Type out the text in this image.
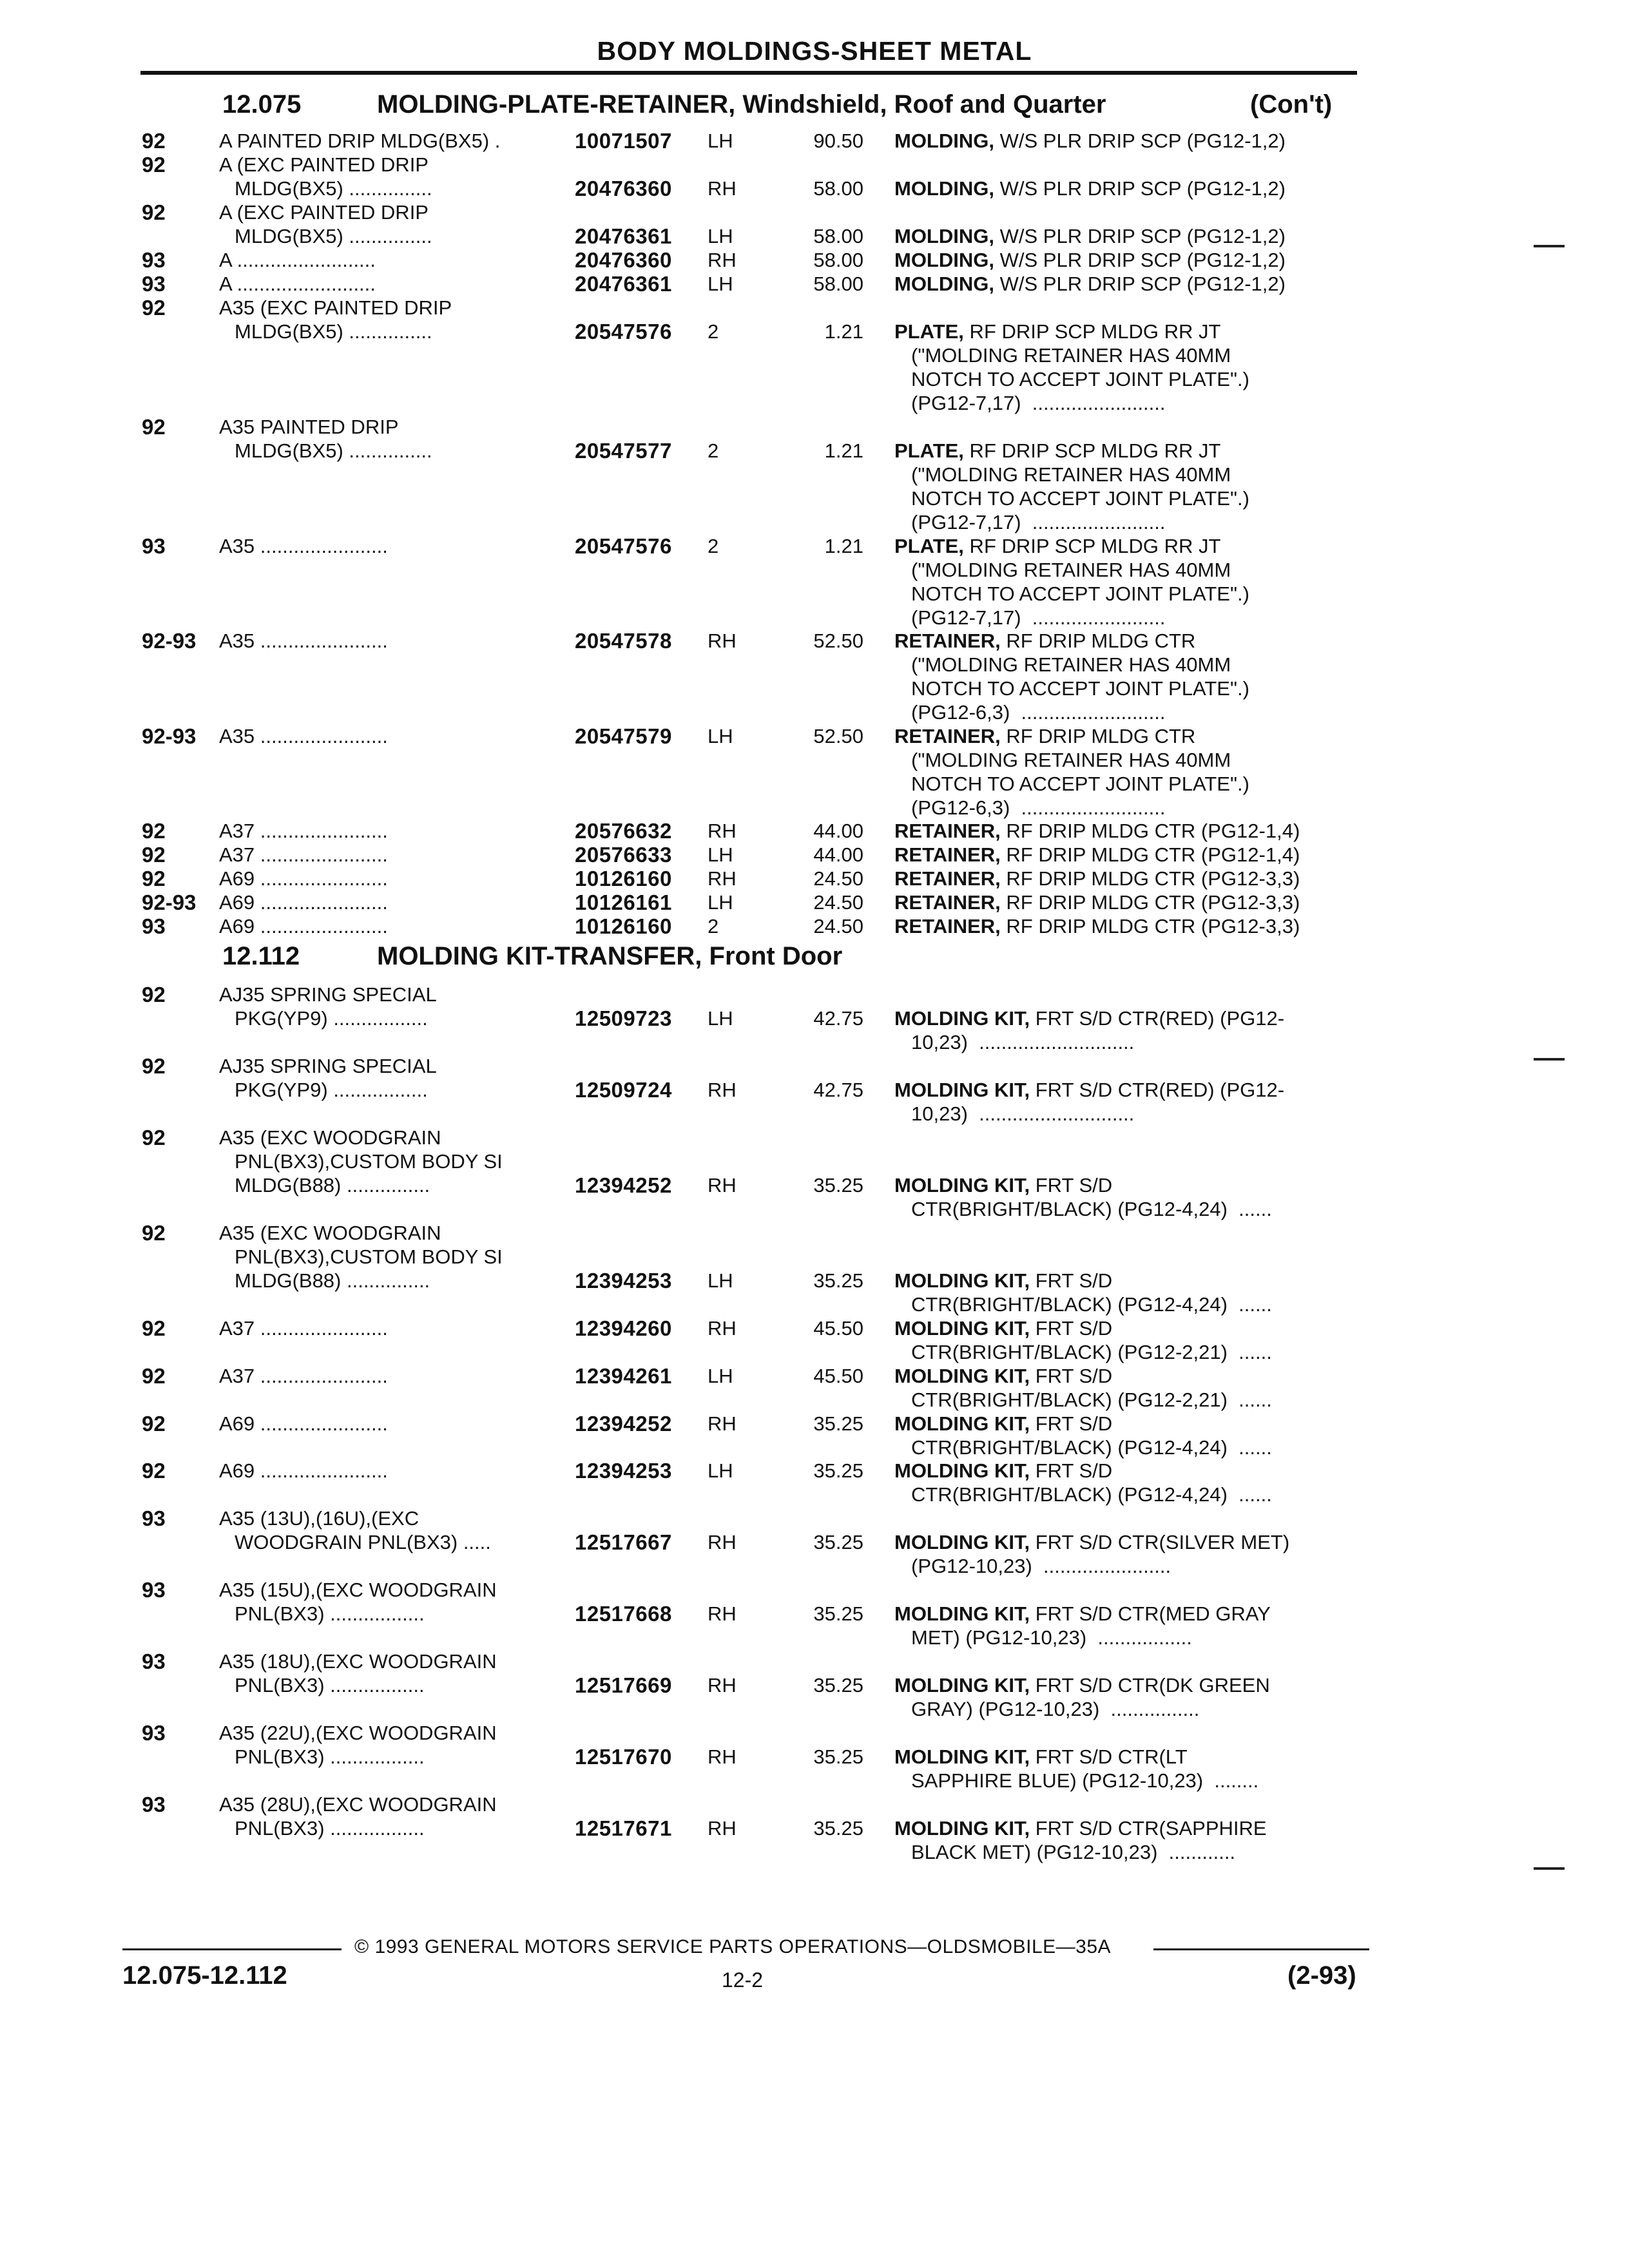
BODY MOLDINGS-SHEET METAL
12.075	MOLDING-PLATE-RETAINER, Windshield, Roof and Quarter	(Con't)
92	A PAINTED DRIP MLDG(BX5) .	10071507 LH	90.50 MOLDING, W/S PLR DRIP SCP (PG12-1,2)
92	A (EXC PAINTED DRIP
MLDG(BX5) ...............	20476360 RH	58.00 MOLDING, W/S PLR DRIP SCP (PG12-1,2)
92	A (EXC PAINTED DRIP
MLDG(BX5) ...............	20476361 LH	58.00 MOLDING, W/S PLR DRIP SCP (PG12-1,2)
93	A .........................	20476360 RH	58.00 MOLDING, W/S PLR DRIP SCP (PG12-1,2)
93	A .........................	20476361 LH	58.00 MOLDING, W/S PLR DRIP SCP (PG12-1,2)
92	A35 (EXC PAINTED DRIP
MLDG(BX5) ...............	20547576 2	1.21 PLATE, RF DRIP SCP MLDG RR JT
("MOLDING RETAINER HAS 40MM
NOTCH TO ACCEPT JOINT PLATE".)
(PG12-7,17)  ........................
92	A35 PAINTED DRIP
MLDG(BX5) ...............	20547577 2	1.21 PLATE, RF DRIP SCP MLDG RR JT
("MOLDING RETAINER HAS 40MM
NOTCH TO ACCEPT JOINT PLATE".)
(PG12-7,17)  ........................
93	A35 .......................	20547576 2	1.21 PLATE, RF DRIP SCP MLDG RR JT
("MOLDING RETAINER HAS 40MM
NOTCH TO ACCEPT JOINT PLATE".)
(PG12-7,17)  ........................
92-93 A35 .......................	20547578 RH	52.50 RETAINER, RF DRIP MLDG CTR
("MOLDING RETAINER HAS 40MM
NOTCH TO ACCEPT JOINT PLATE".)
(PG12-6,3)  ..........................
92-93 A35 .......................	20547579 LH	52.50 RETAINER, RF DRIP MLDG CTR
("MOLDING RETAINER HAS 40MM
NOTCH TO ACCEPT JOINT PLATE".)
(PG12-6,3)  ..........................
92	A37 .......................	20576632 RH	44.00 RETAINER, RF DRIP MLDG CTR (PG12-1,4)
92	A37 .......................	20576633 LH	44.00 RETAINER, RF DRIP MLDG CTR (PG12-1,4)
92	A69 .......................	10126160 RH	24.50 RETAINER, RF DRIP MLDG CTR (PG12-3,3)
92-93 A69 .......................	10126161 LH	24.50 RETAINER, RF DRIP MLDG CTR (PG12-3,3)
93	A69 .......................	10126160 2	24.50 RETAINER, RF DRIP MLDG CTR (PG12-3,3)
12.112	MOLDING KIT-TRANSFER, Front Door
92	AJ35 SPRING SPECIAL
PKG(YP9) .................	12509723 LH	42.75 MOLDING KIT, FRT S/D CTR(RED) (PG12-
10,23)  ............................
92	AJ35 SPRING SPECIAL
PKG(YP9) .................	12509724 RH	42.75 MOLDING KIT, FRT S/D CTR(RED) (PG12-
10,23)  ............................
92	A35 (EXC WOODGRAIN
PNL(BX3),CUSTOM BODY SI
MLDG(B88) ...............	12394252 RH	35.25 MOLDING KIT, FRT S/D
CTR(BRIGHT/BLACK) (PG12-4,24)  ......
92	A35 (EXC WOODGRAIN
PNL(BX3),CUSTOM BODY SI
MLDG(B88) ...............	12394253 LH	35.25 MOLDING KIT, FRT S/D
CTR(BRIGHT/BLACK) (PG12-4,24)  ......
92	A37 .......................	12394260 RH	45.50 MOLDING KIT, FRT S/D
CTR(BRIGHT/BLACK) (PG12-2,21)  ......
92	A37 .......................	12394261 LH	45.50 MOLDING KIT, FRT S/D
CTR(BRIGHT/BLACK) (PG12-2,21)  ......
92	A69 .......................	12394252 RH	35.25 MOLDING KIT, FRT S/D
CTR(BRIGHT/BLACK) (PG12-4,24)  ......
92	A69 .......................	12394253 LH	35.25 MOLDING KIT, FRT S/D
CTR(BRIGHT/BLACK) (PG12-4,24)  ......
93	A35 (13U),(16U),(EXC
WOODGRAIN PNL(BX3) .....	12517667 RH	35.25 MOLDING KIT, FRT S/D CTR(SILVER MET)
(PG12-10,23)  .......................
93	A35 (15U),(EXC WOODGRAIN
PNL(BX3) .................	12517668 RH	35.25 MOLDING KIT, FRT S/D CTR(MED GRAY
MET) (PG12-10,23)  .................
93	A35 (18U),(EXC WOODGRAIN
PNL(BX3) .................	12517669 RH	35.25 MOLDING KIT, FRT S/D CTR(DK GREEN
GRAY) (PG12-10,23)  ................
93	A35 (22U),(EXC WOODGRAIN
PNL(BX3) .................	12517670 RH	35.25 MOLDING KIT, FRT S/D CTR(LT
SAPPHIRE BLUE) (PG12-10,23)  ........
93	A35 (28U),(EXC WOODGRAIN
PNL(BX3) .................	12517671 RH	35.25 MOLDING KIT, FRT S/D CTR(SAPPHIRE
BLACK MET) (PG12-10,23)  ............
© 1993 GENERAL MOTORS SERVICE PARTS OPERATIONS—OLDSMOBILE—35A
12.075-12.112	12-2	(2-93)
